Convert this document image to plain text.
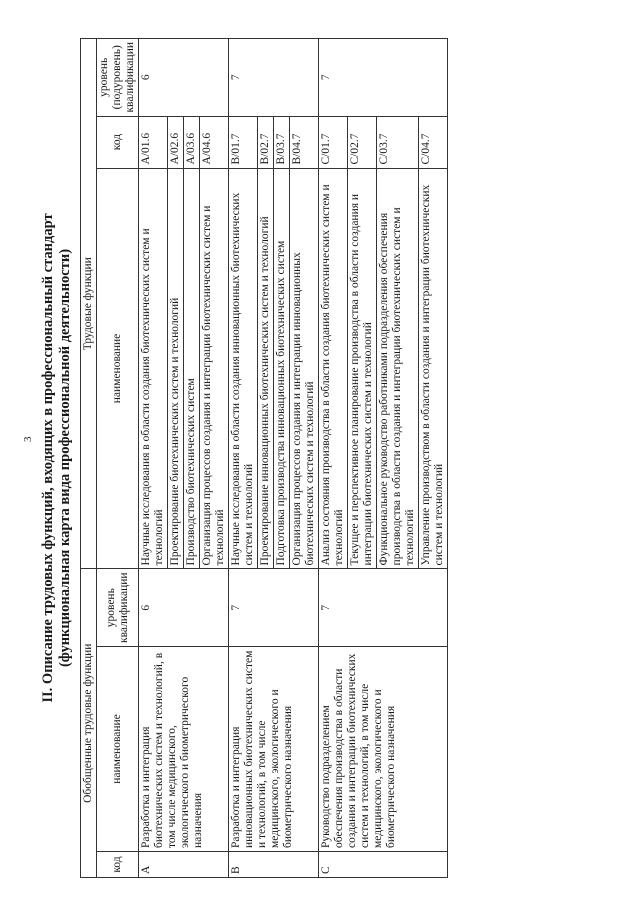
3 II. Описание трудовых функций, входящих в профессиональный стандарт (функциональная карта вида профессиональной деятельности)
Обобщенные трудовые функции			Трудовые функции		
код	наименование	уровень квалификации	наименование	код	уровень (подуровень) квалификации
A	Разработка и интеграция биотехнических систем и технологий, в том числе медицинского, экологического и биометрического назначения	6	Научные исследования в области создания биотехнических систем и технологий	A/01.6	6
			Проектирование биотехнических систем и технологий	A/02.6	
			Производство биотехнических систем	A/03.6	
			Организация процессов создания и интеграции биотехнических систем и технологий	A/04.6	
B	Разработка и интеграция инновационных биотехнических систем и технологий, в том числе медицинского, экологического и биометрического назначения	7	Научные исследования в области создания инновационных биотехнических систем и технологий	B/01.7	7
			Проектирование инновационных биотехнических систем и технологий	B/02.7	
			Подготовка производства инновационных биотехнических систем	B/03.7	
			Организация процессов создания и интеграции инновационных биотехнических систем и технологий	B/04.7	
C	Руководство подразделением обеспечения производства в области создания и интеграции биотехнических систем и технологий, в том числе медицинского, экологического и биометрического назначения	7	Анализ состояния производства в области создания биотехнических систем и технологий	C/01.7	7
			Текущее и перспективное планирование производства в области создания и интеграции биотехнических систем и технологий	C/02.7	
			Функциональное руководство работниками подразделения обеспечения производства в области создания и интеграции биотехнических систем и технологий	C/03.7	
			Управление производством в области создания и интеграции биотехнических систем и технологий	C/04.7	
